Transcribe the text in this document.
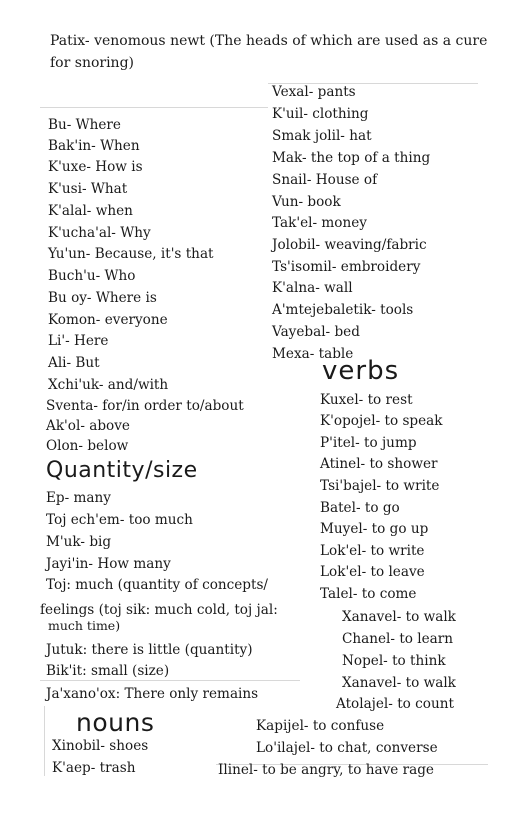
Patix- venomous newt (The heads of which are used as a cure for snoring)
Bu- Where
Bak'in- When
K'uxe- How is
K'usi- What
K'alal- when
K'ucha'al- Why
Yu'un- Because, it's that
Buch'u- Who
Bu oy- Where is
Komon- everyone
Li'- Here
Ali- But
Xchi'uk- and/with
Sventa- for/in order to/about
Ak'ol- above
Olon- below
Quantity/size
Ep- many
Toj ech'em- too much
M'uk- big
Jayi'in- How many
Toj: much (quantity of concepts/
feelings (toj sik: much cold, toj jal:
much time)
Jutuk: there is little (quantity)
Bik'it: small (size)
Ja'xano'ox: There only remains
nouns
Xinobil- shoes
K'aep- trash
Vexal- pants
K'uil- clothing
Smak jolil- hat
Mak- the top of a thing
Snail- House of
Vun- book
Tak'el- money
Jolobil- weaving/fabric
Ts'isomil- embroidery
K'alna- wall
A'mtejebaletik- tools
Vayebal- bed
Mexa- table
verbs
Kuxel- to rest
K'opojel- to speak
P'itel- to jump
Atinel- to shower
Tsi'bajel- to write
Batel- to go
Muyel- to go up
Lok'el- to write
Lok'el- to leave
Talel- to come
Xanavel- to walk
Chanel- to learn
Nopel- to think
Xanavel- to walk
Atolajel- to count
Kapijel- to confuse
Lo'ilajel- to chat, converse
Ilinel- to be angry, to have rage
